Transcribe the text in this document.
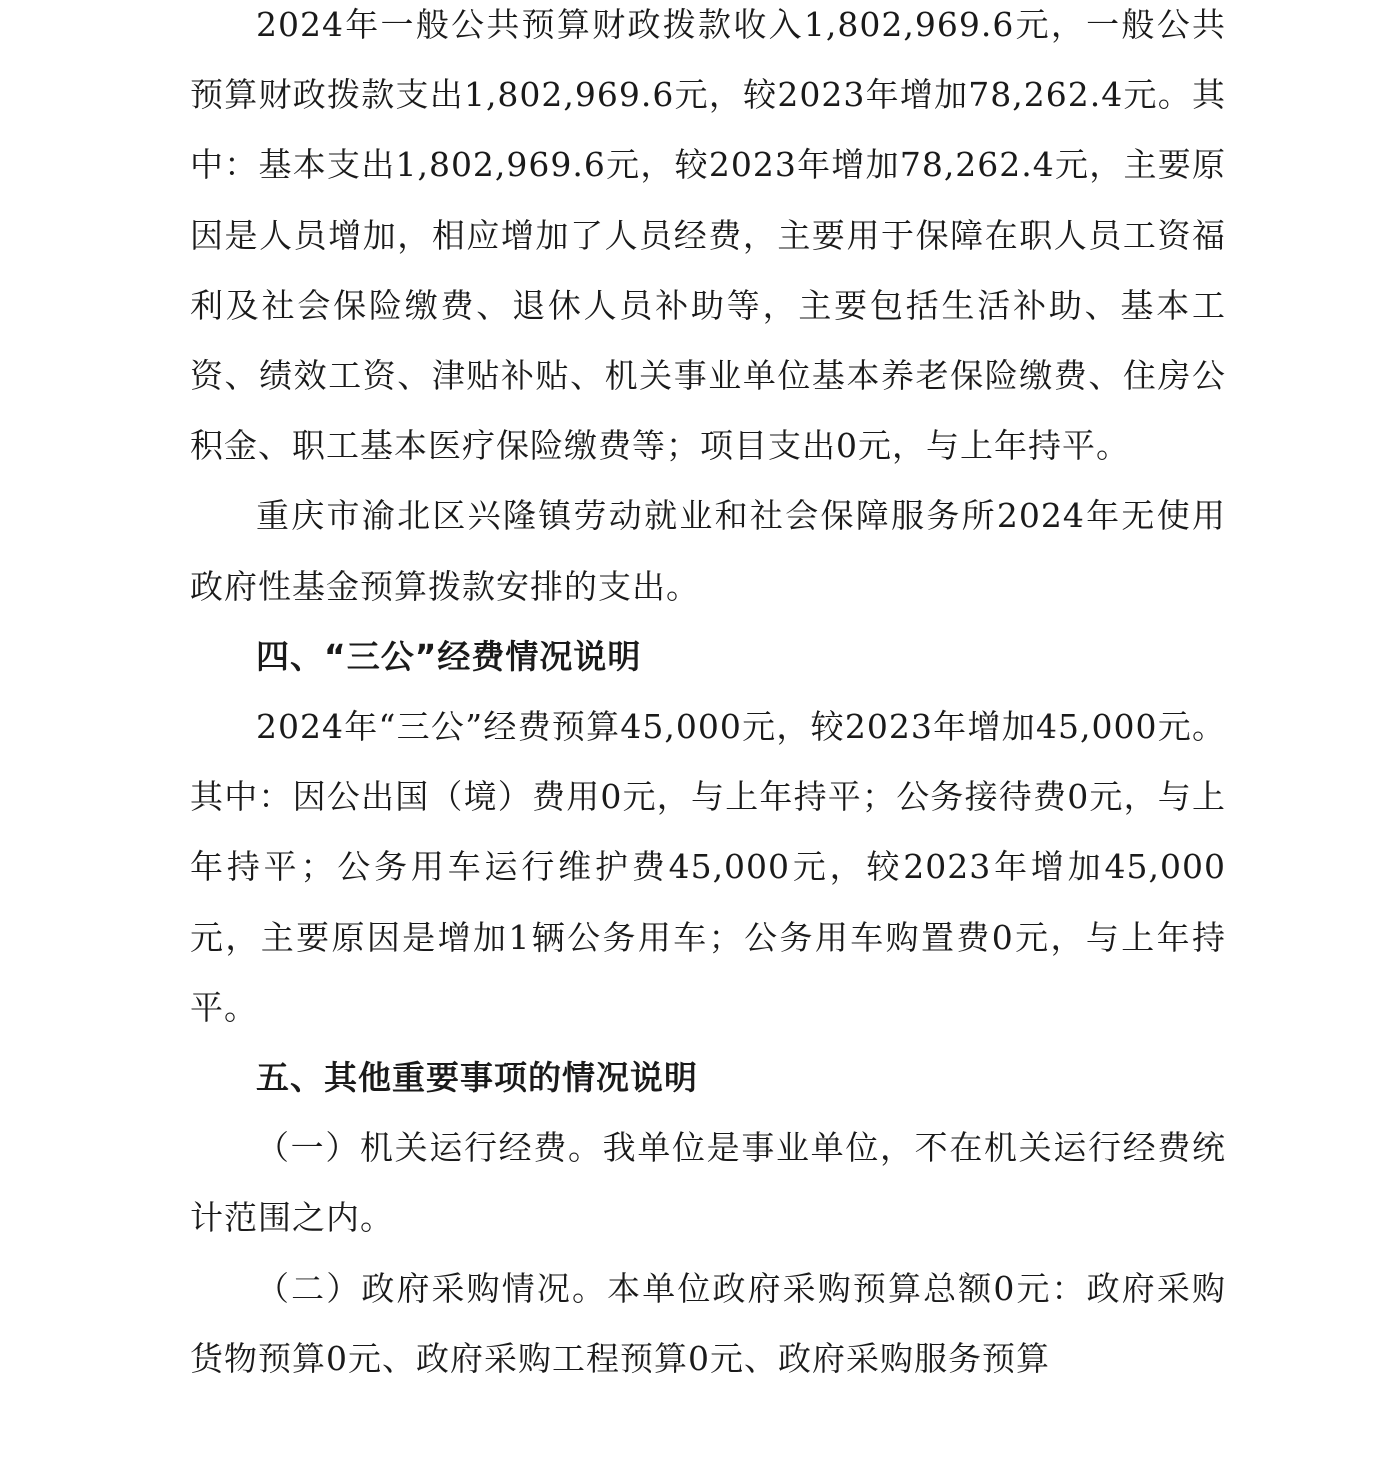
2024年一般公共预算财政拨款收入1,802,969.6元，一般公共预算财政拨款支出1,802,969.6元，较2023年增加78,262.4元。其中：基本支出1,802,969.6元，较2023年增加78,262.4元，主要原因是人员增加，相应增加了人员经费，主要用于保障在职人员工资福利及社会保险缴费、退休人员补助等，主要包括生活补助、基本工资、绩效工资、津贴补贴、机关事业单位基本养老保险缴费、住房公积金、职工基本医疗保险缴费等；项目支出0元，与上年持平。

重庆市渝北区兴隆镇劳动就业和社会保障服务所2024年无使用政府性基金预算拨款安排的支出。

四、“三公”经费情况说明

2024年“三公”经费预算45,000元，较2023年增加45,000元。其中：因公出国（境）费用0元，与上年持平；公务接待费0元，与上年持平；公务用车运行维护费45,000元，较2023年增加45,000元，主要原因是增加1辆公务用车；公务用车购置费0元，与上年持平。

五、其他重要事项的情况说明

（一）机关运行经费。我单位是事业单位，不在机关运行经费统计范围之内。

（二）政府采购情况。本单位政府采购预算总额0元：政府采购货物预算0元、政府采购工程预算0元、政府采购服务预算
